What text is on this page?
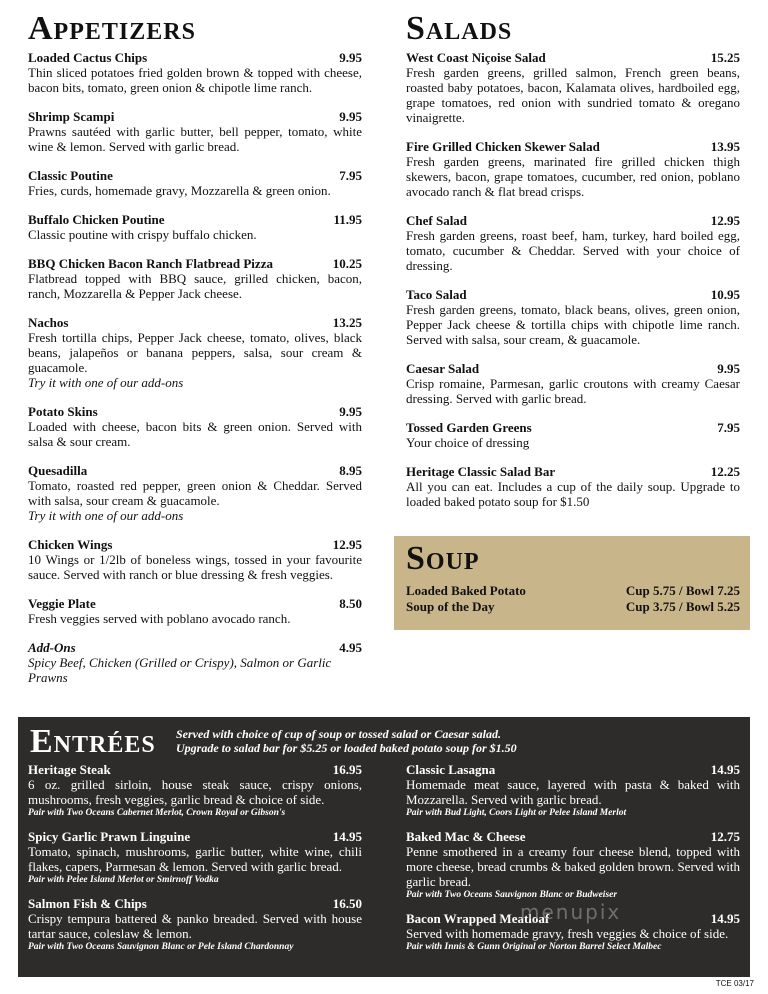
Appetizers
Loaded Cactus Chips	9.95
Thin sliced potatoes fried golden brown & topped with cheese, bacon bits, tomato, green onion & chipotle lime ranch.
Shrimp Scampi	9.95
Prawns sautéed with garlic butter, bell pepper, tomato, white wine & lemon. Served with garlic bread.
Classic Poutine	7.95
Fries, curds, homemade gravy, Mozzarella & green onion.
Buffalo Chicken Poutine	11.95
Classic poutine with crispy buffalo chicken.
BBQ Chicken Bacon Ranch Flatbread Pizza	10.25
Flatbread topped with BBQ sauce, grilled chicken, bacon, ranch, Mozzarella & Pepper Jack cheese.
Nachos	13.25
Fresh tortilla chips, Pepper Jack cheese, tomato, olives, black beans, jalapeños or banana peppers, salsa, sour cream & guacamole.
Try it with one of our add-ons
Potato Skins	9.95
Loaded with cheese, bacon bits & green onion. Served with salsa & sour cream.
Quesadilla	8.95
Tomato, roasted red pepper, green onion & Cheddar. Served with salsa, sour cream & guacamole.
Try it with one of our add-ons
Chicken Wings	12.95
10 Wings or 1/2lb of boneless wings, tossed in your favourite sauce. Served with ranch or blue dressing & fresh veggies.
Veggie Plate	8.50
Fresh veggies served with poblano avocado ranch.
Add-Ons	4.95
Spicy Beef, Chicken (Grilled or Crispy), Salmon or Garlic Prawns
Salads
West Coast Niçoise Salad	15.25
Fresh garden greens, grilled salmon, French green beans, roasted baby potatoes, bacon, Kalamata olives, hardboiled egg, grape tomatoes, red onion with sundried tomato & oregano vinaigrette.
Fire Grilled Chicken Skewer Salad	13.95
Fresh garden greens, marinated fire grilled chicken thigh skewers, bacon, grape tomatoes, cucumber, red onion, poblano avocado ranch & flat bread crisps.
Chef Salad	12.95
Fresh garden greens, roast beef, ham, turkey, hard boiled egg, tomato, cucumber & Cheddar. Served with your choice of dressing.
Taco Salad	10.95
Fresh garden greens, tomato, black beans, olives, green onion, Pepper Jack cheese & tortilla chips with chipotle lime ranch. Served with salsa, sour cream, & guacamole.
Caesar Salad	9.95
Crisp romaine, Parmesan, garlic croutons with creamy Caesar dressing. Served with garlic bread.
Tossed Garden Greens	7.95
Your choice of dressing
Heritage Classic Salad Bar	12.25
All you can eat. Includes a cup of the daily soup. Upgrade to loaded baked potato soup for $1.50
Soup
Loaded Baked Potato	Cup 5.75 / Bowl 7.25
Soup of the Day	Cup 3.75 / Bowl 5.25
Entrées Served with choice of cup of soup or tossed salad or Caesar salad.
Upgrade to salad bar for $5.25 or loaded baked potato soup for $1.50
Heritage Steak	16.95
6 oz. grilled sirloin, house steak sauce, crispy onions, mushrooms, fresh veggies, garlic bread & choice of side.
Pair with Two Oceans Cabernet Merlot, Crown Royal or Gibson's
Spicy Garlic Prawn Linguine	14.95
Tomato, spinach, mushrooms, garlic butter, white wine, chili flakes, capers, Parmesan & lemon. Served with garlic bread.
Pair with Pelee Island Merlot or Smirnoff Vodka
Salmon Fish & Chips	16.50
Crispy tempura battered & panko breaded. Served with house tartar sauce, coleslaw & lemon.
Pair with Two Oceans Sauvignon Blanc or Pele Island Chardonnay
Classic Lasagna	14.95
Homemade meat sauce, layered with pasta & baked with Mozzarella. Served with garlic bread.
Pair with Bud Light, Coors Light or Pelee Island Merlot
Baked Mac & Cheese	12.75
Penne smothered in a creamy four cheese blend, topped with more cheese, bread crumbs & baked golden brown. Served with garlic bread.
Pair with Two Oceans Sauvignon Blanc or Budweiser
Bacon Wrapped Meatloaf	14.95
Served with homemade gravy, fresh veggies & choice of side.
Pair with Innis & Gunn Original or Norton Barrel Select Malbec
menupix
TCE 03/17
